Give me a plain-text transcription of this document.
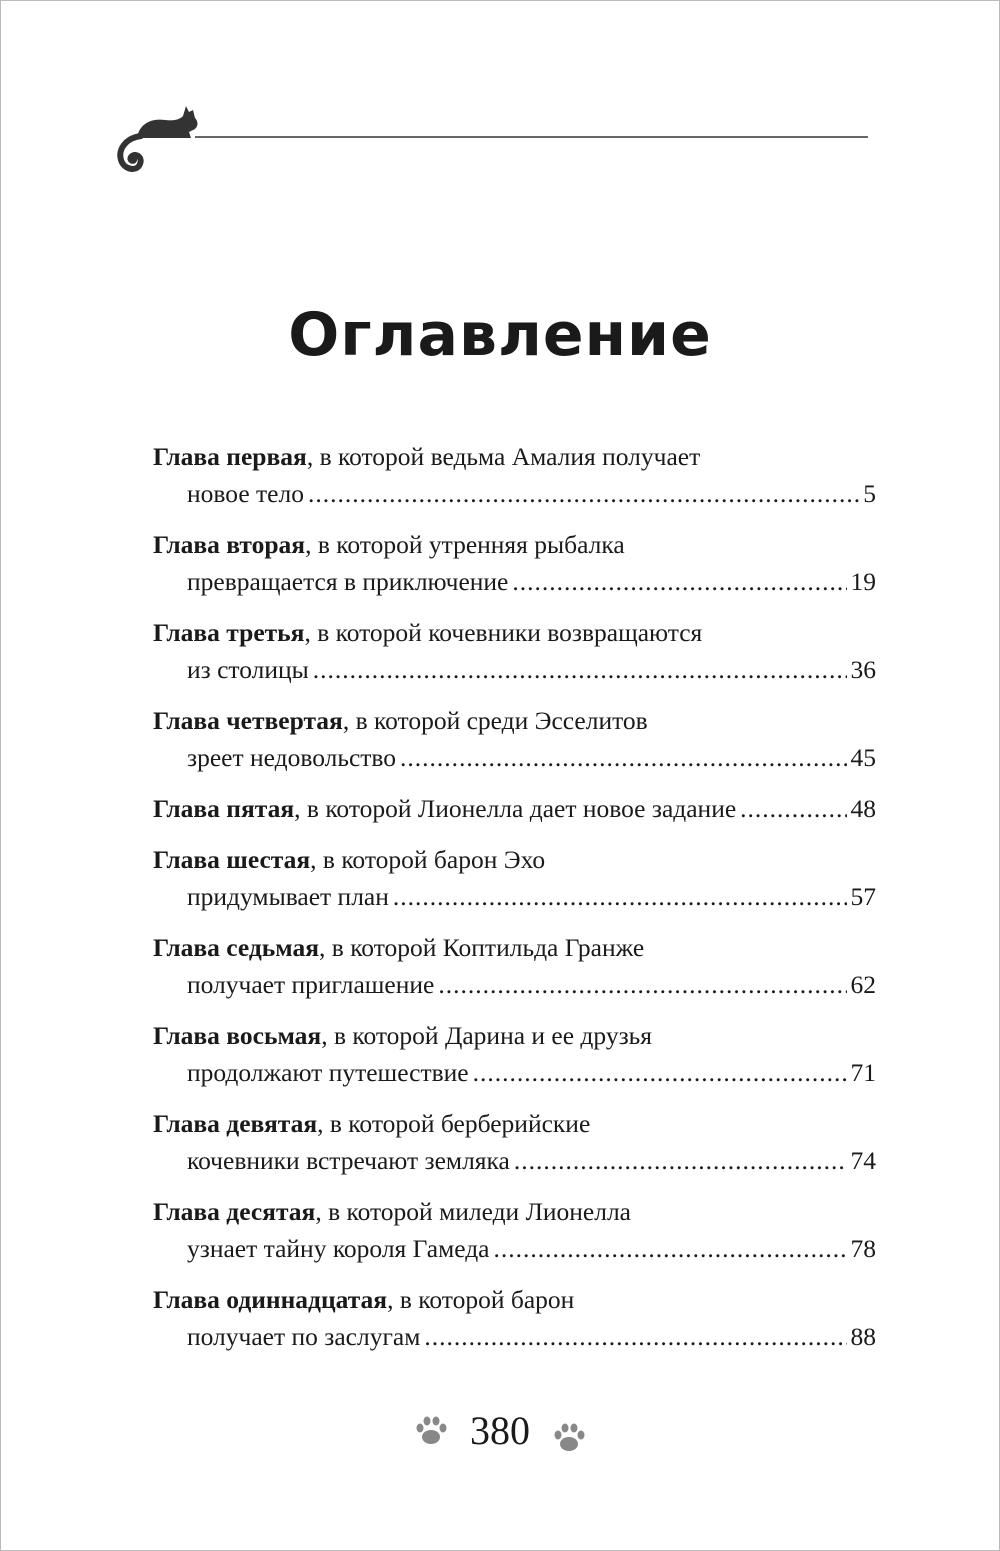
Оглавление
Глава первая , в которой ведьма Амалия получает
новое тело .....	5
Глава вторая , в которой утренняя рыбалка
превращается в приключение .....	19
Глава третья , в которой кочевники возвращаются
из столицы .....	36
Глава четвертая , в которой среди Эсселитов
зреет недовольство .....	45
Глава пятая , в которой Лионелла дает новое задание .....	48
Глава шестая , в которой барон Эхо
придумывает план .....	57
Глава седьмая , в которой Коптильда Гранже
получает приглашение .....	62
Глава восьмая , в которой Дарина и ее друзья
продолжают путешествие .....	71
Глава девятая , в которой берберийские
кочевники встречают земляка .....	74
Глава десятая , в которой миледи Лионелла
узнает тайну короля Гамеда .....	78
Глава одиннадцатая , в которой барон
получает по заслугам .....	88
380
